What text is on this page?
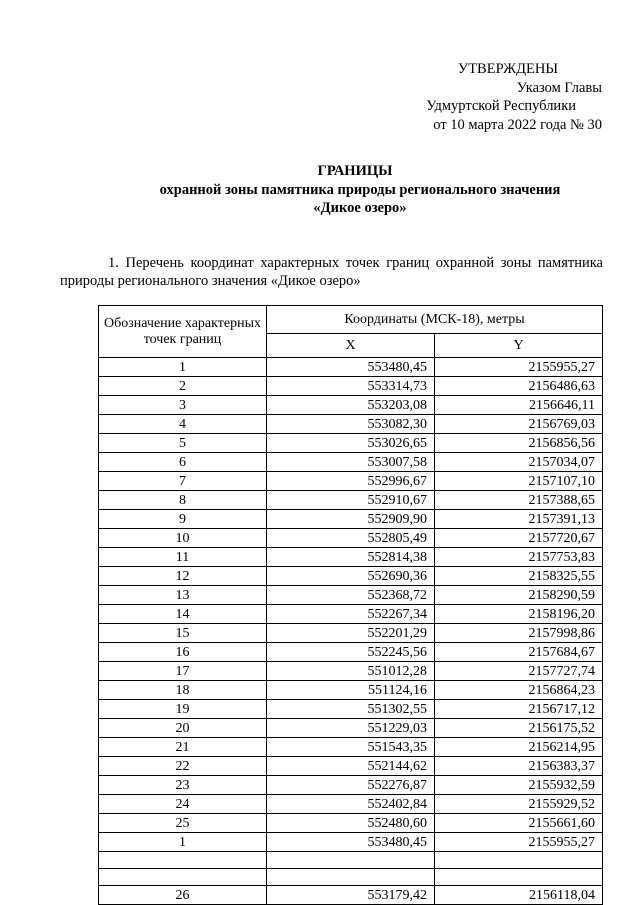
УТВЕРЖДЕНЫ
Указом Главы
Удмуртской Республики
от 10 марта 2022 года № 30
ГРАНИЦЫ
охранной зоны памятника природы регионального значения
«Дикое озеро»

1. Перечень координат характерных точек границ охранной зоны памятника природы регионального значения «Дикое озеро»

Обозначение характерных точек границ	Координаты (МСК-18), метры	
	X	Y
1	553480,45	2155955,27
2	553314,73	2156486,63
3	553203,08	2156646,11
4	553082,30	2156769,03
5	553026,65	2156856,56
6	553007,58	2157034,07
7	552996,67	2157107,10
8	552910,67	2157388,65
9	552909,90	2157391,13
10	552805,49	2157720,67
11	552814,38	2157753,83
12	552690,36	2158325,55
13	552368,72	2158290,59
14	552267,34	2158196,20
15	552201,29	2157998,86
16	552245,56	2157684,67
17	551012,28	2157727,74
18	551124,16	2156864,23
19	551302,55	2156717,12
20	551229,03	2156175,52
21	551543,35	2156214,95
22	552144,62	2156383,37
23	552276,87	2155932,59
24	552402,84	2155929,52
25	552480,60	2155661,60
1	553480,45	2155955,27

26	553179,42	2156118,04
